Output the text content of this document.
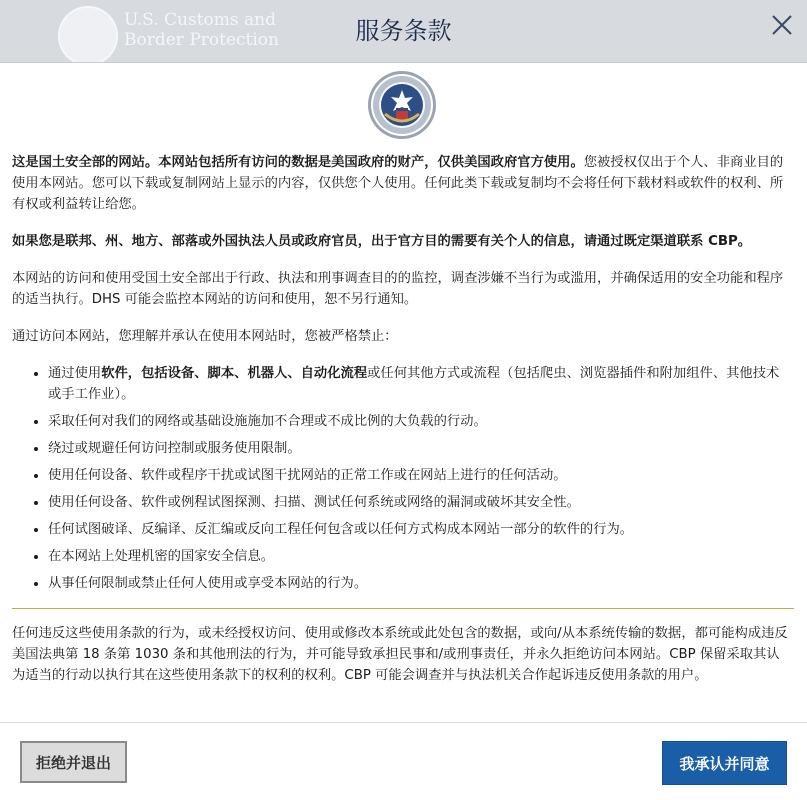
U.S. Customs and
Border Protection	服务条款

这是国土安全部的网站。本网站包括所有访问的数据是美国政府的财产，仅供美国政府官方使用。您被授权仅出于个人、非商业目的使用本网站。您可以下载或复制网站上显示的内容，仅供您个人使用。任何此类下载或复制均不会将任何下载材料或软件的权利、所有权或利益转让给您。

如果您是联邦、州、地方、部落或外国执法人员或政府官员，出于官方目的需要有关个人的信息，请通过既定渠道联系 CBP。

本网站的访问和使用受国土安全部出于行政、执法和刑事调查目的的监控，调查涉嫌不当行为或滥用，并确保适用的安全功能和程序的适当执行。DHS 可能会监控本网站的访问和使用，恕不另行通知。

通过访问本网站，您理解并承认在使用本网站时，您被严格禁止：

• 通过使用软件，包括设备、脚本、机器人、自动化流程或任何其他方式或流程（包括爬虫、浏览器插件和附加组件、其他技术或手工作业）。
• 采取任何对我们的网络或基础设施施加不合理或不成比例的大负载的行动。
• 绕过或规避任何访问控制或服务使用限制。
• 使用任何设备、软件或程序干扰或试图干扰网站的正常工作或在网站上进行的任何活动。
• 使用任何设备、软件或例程试图探测、扫描、测试任何系统或网络的漏洞或破坏其安全性。
• 任何试图破译、反编译、反汇编或反向工程任何包含或以任何方式构成本网站一部分的软件的行为。
• 在本网站上处理机密的国家安全信息。
• 从事任何限制或禁止任何人使用或享受本网站的行为。

任何违反这些使用条款的行为，或未经授权访问、使用或修改本系统或此处包含的数据，或向/从本系统传输的数据，都可能构成违反美国法典第 18 条第 1030 条和其他刑法的行为，并可能导致承担民事和/或刑事责任，并永久拒绝访问本网站。CBP 保留采取其认为适当的行动以执行其在这些使用条款下的权利的权利。CBP 可能会调查并与执法机关合作起诉违反使用条款的用户。

拒绝并退出	我承认并同意
